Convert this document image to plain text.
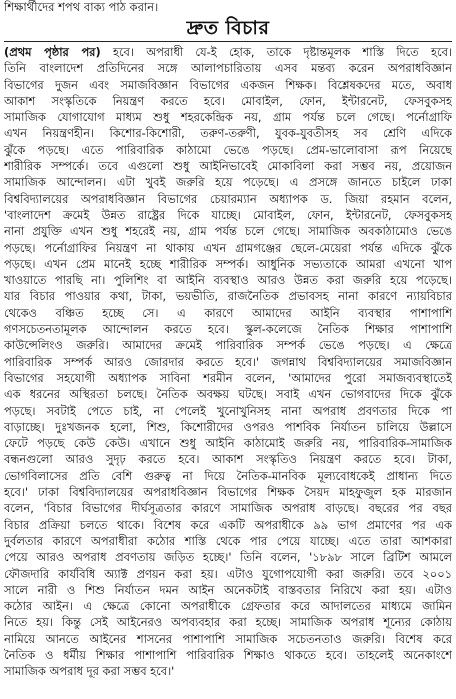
শিক্ষার্থীদের শপথ বাক্য পাঠ করান।
দ্রুত বিচার
(প্রথম পৃষ্ঠার পর) হবে। অপরাধী যে-ই হোক, তাকে দৃষ্টান্তমূলক শাস্তি দিতে হবে।
তিনি বাংলাদেশ প্রতিদিনের সঙ্গে আলাপচারিতায় এসব মন্তব্য করেন অপরাধবিজ্ঞান
বিভাগের দুজন এবং সমাজবিজ্ঞান বিভাগের একজন শিক্ষক। বিশ্লেষকদের মতে, অবাধ
আকাশ সংস্কৃতিকে নিয়ন্ত্রণ করতে হবে। মোবাইল, ফোন, ইন্টারনেট, ফেসবুকসহ
সামাজিক যোগাযোগ মাধ্যম শুধু শহরকেন্দ্রিক নয়, গ্রাম পর্যন্ত চলে গেছে। পর্নোগ্রাফি
এখন নিয়ন্ত্রণহীন। কিশোর-কিশোরী, তরুণ-তরুণী, যুবক-যুবতীসহ সব শ্রেণি এদিকে
ঝুঁকে পড়ছে। এতে পারিবারিক কাঠামো ভেঙে পড়ছে। প্রেম-ভালোবাসা রূপ নিয়েছে
শারীরিক সম্পর্কে। তবে এগুলো শুধু আইনিভাবেই মোকাবিলা করা সম্ভব নয়, প্রয়োজন
সামাজিক আন্দোলন। এটা খুবই জরুরি হয়ে পড়েছে। এ প্রসঙ্গে জানতে চাইলে ঢাকা
বিশ্ববিদ্যালয়ের অপরাধবিজ্ঞান বিভাগের চেয়ারম্যান অধ্যাপক ড. জিয়া রহমান বলেন,
'বাংলাদেশ ক্রমেই উন্নত রাষ্ট্রের দিকে যাচ্ছে। মোবাইল, ফোন, ইন্টারনেট, ফেসবুকসহ
নানা প্রযুক্তি এখন শুধু শহরেই নয়, গ্রাম পর্যন্ত চলে গেছে। সামাজিক অবকাঠামোও ভেঙে
পড়ছে। পর্নোগ্রাফির নিয়ন্ত্রণ না থাকায় এখন গ্রামগঞ্জের ছেলে-মেয়েরা পর্যন্ত এদিকে ঝুঁকে
পড়ছে। এখন প্রেম মানেই হচ্ছে শারীরিক সম্পর্ক। আধুনিক সভ্যতাকে আমরা এখনো খাপ
খাওয়াতে পারছি না। পুলিশিং বা আইনি ব্যবস্থাও আরও উন্নত করা জরুরি হয়ে পড়েছে।
যার বিচার পাওয়ার কথা, টাকা, ভয়ভীতি, রাজনৈতিক প্রভাবসহ নানা কারণে ন্যায়বিচার
থেকেও বঞ্চিত হচ্ছে সে। এ কারণে আমাদের আইনি ব্যবস্থার পাশাপাশি
গণসচেতনতামূলক আন্দোলন করতে হবে। স্কুল-কলেজে নৈতিক শিক্ষার পাশাপাশি
কাউন্সেলিংও জরুরি। আমাদের ক্রমেই পারিবারিক সম্পর্ক ভেঙে পড়ছে। এ ক্ষেত্রে
পারিবারিক সম্পর্ক আরও জোরদার করতে হবে।' জগন্নাথ বিশ্ববিদ্যালয়ের সমাজবিজ্ঞান
বিভাগের সহযোগী অধ্যাপক সাবিনা শরমীন বলেন, 'আমাদের পুরো সমাজব্যবস্থাতেই
এক ধরনের অস্থিরতা চলছে। নৈতিক অবক্ষয় ঘটছে। সবাই এখন ভোগবাদের দিকে ঝুঁকে
পড়ছে। সবটাই পেতে চাই, না পেলেই খুনোখুনিসহ নানা অপরাধ প্রবণতার দিকে পা
বাড়াচ্ছে। দুঃখজনক হলো, শিশু, কিশোরীদের ওপরও পাশবিক নির্যাতন চালিয়ে উল্লাসে
ফেটে পড়ছে কেউ কেউ। এখানে শুধু আইনি কাঠামোই জরুরি নয়, পারিবারিক-সামাজিক
বন্ধনগুলো আরও সুদৃঢ় করতে হবে। আকাশ সংস্কৃতিও নিয়ন্ত্রণ করতে হবে। টাকা,
ভোগবিলাসের প্রতি বেশি গুরুত্ব না দিয়ে নৈতিক-মানবিক মূল্যবোধকেই প্রাধান্য দিতে
হবে।' ঢাকা বিশ্ববিদ্যালয়ের অপরাধবিজ্ঞান বিভাগের শিক্ষক সৈয়দ মাহফুজুল হক মারজান
বলেন, 'বিচার বিভাগের দীর্ঘসূত্রতার কারণে সামাজিক অপরাধ বাড়ছে। বছরের পর বছর
বিচার প্রক্রিয়া চলতে থাকে। বিশেষ করে একটি অপরাধীকে ৯৯ ভাগ প্রমাণের পর এক
দুর্বলতার কারণে অপরাধীরা কঠোর শাস্তি থেকে পার পেয়ে যাচ্ছে। এতে তারা আশকারা
পেয়ে আরও অপরাধ প্রবণতায় জড়িত হচ্ছে।' তিনি বলেন, '১৮৯৮ সালে ব্রিটিশ আমলে
ফৌজদারি কার্যবিধি অ্যাক্ট প্রণয়ন করা হয়। এটাও যুগোপযোগী করা জরুরি। তবে ২০০১
সালে নারী ও শিশু নির্যাতন দমন আইন অনেকটাই বাস্তবতার নিরিখে করা হয়। এটাও
কঠোর আইন। এ ক্ষেত্রে কোনো অপরাধীকে গ্রেফতার করে আদালতের মাধ্যমে জামিন
নিতে হয়। কিন্তু সেই আইনেরও অপব্যবহার করা হচ্ছে। সামাজিক অপরাধ শূন্যের কোঠায়
নামিয়ে আনতে আইনের শাসনের পাশাপাশি সামাজিক সচেতনতাও জরুরি। বিশেষ করে
নৈতিক ও ধর্মীয় শিক্ষার পাশাপাশি পারিবারিক শিক্ষাও থাকতে হবে। তাহলেই অনেকাংশে
সামাজিক অপরাধ দূর করা সম্ভব হবে।'
